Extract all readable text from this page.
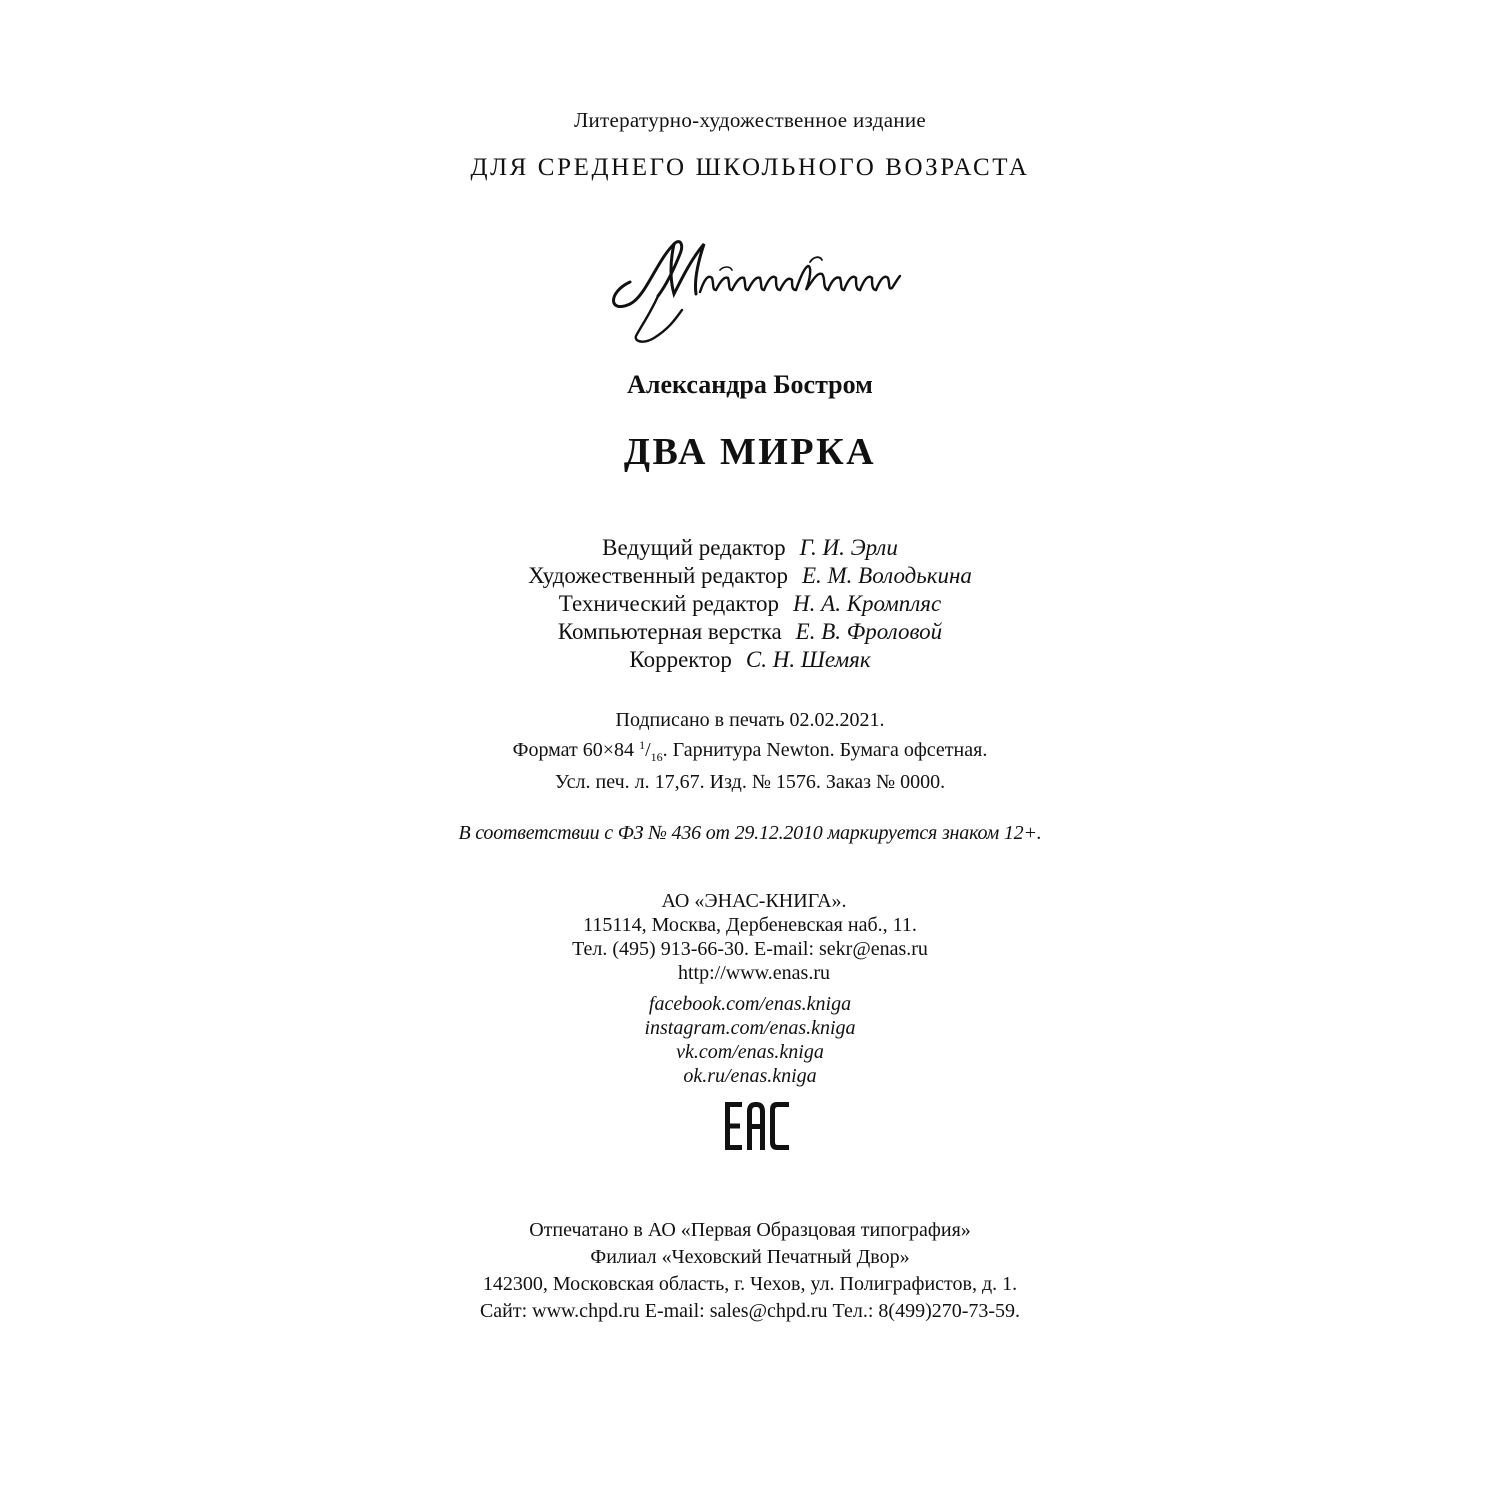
Литературно-художественное издание
ДЛЯ СРЕДНЕГО ШКОЛЬНОГО ВОЗРАСТА
Александра Бостром
ДВА МИРКА
Ведущий редактор Г. И. Эрли
Художественный редактор Е. М. Володькина
Технический редактор Н. А. Кромпляс
Компьютерная верстка Е. В. Фроловой
Корректор С. Н. Шемяк
Подписано в печать 02.02.2021.
Формат 60×84 $^1/_{16}$. Гарнитура Newton. Бумага офсетная.
Усл. печ. л. 17,67. Изд. № 1576. Заказ № 0000.
В соответствии с ФЗ № 436 от 29.12.2010 маркируется знаком 12+.
АО «ЭНАС-КНИГА».
115114, Москва, Дербеневская наб., 11.
Тел. (495) 913-66-30. E-mail: sekr@enas.ru
http://www.enas.ru
facebook.com/enas.kniga
instagram.com/enas.kniga
vk.com/enas.kniga
ok.ru/enas.kniga
Отпечатано в АО «Первая Образцовая типография»
Филиал «Чеховский Печатный Двор»
142300, Московская область, г. Чехов, ул. Полиграфистов, д. 1.
Сайт: www.chpd.ru E-mail: sales@chpd.ru Тел.: 8(499)270-73-59.
